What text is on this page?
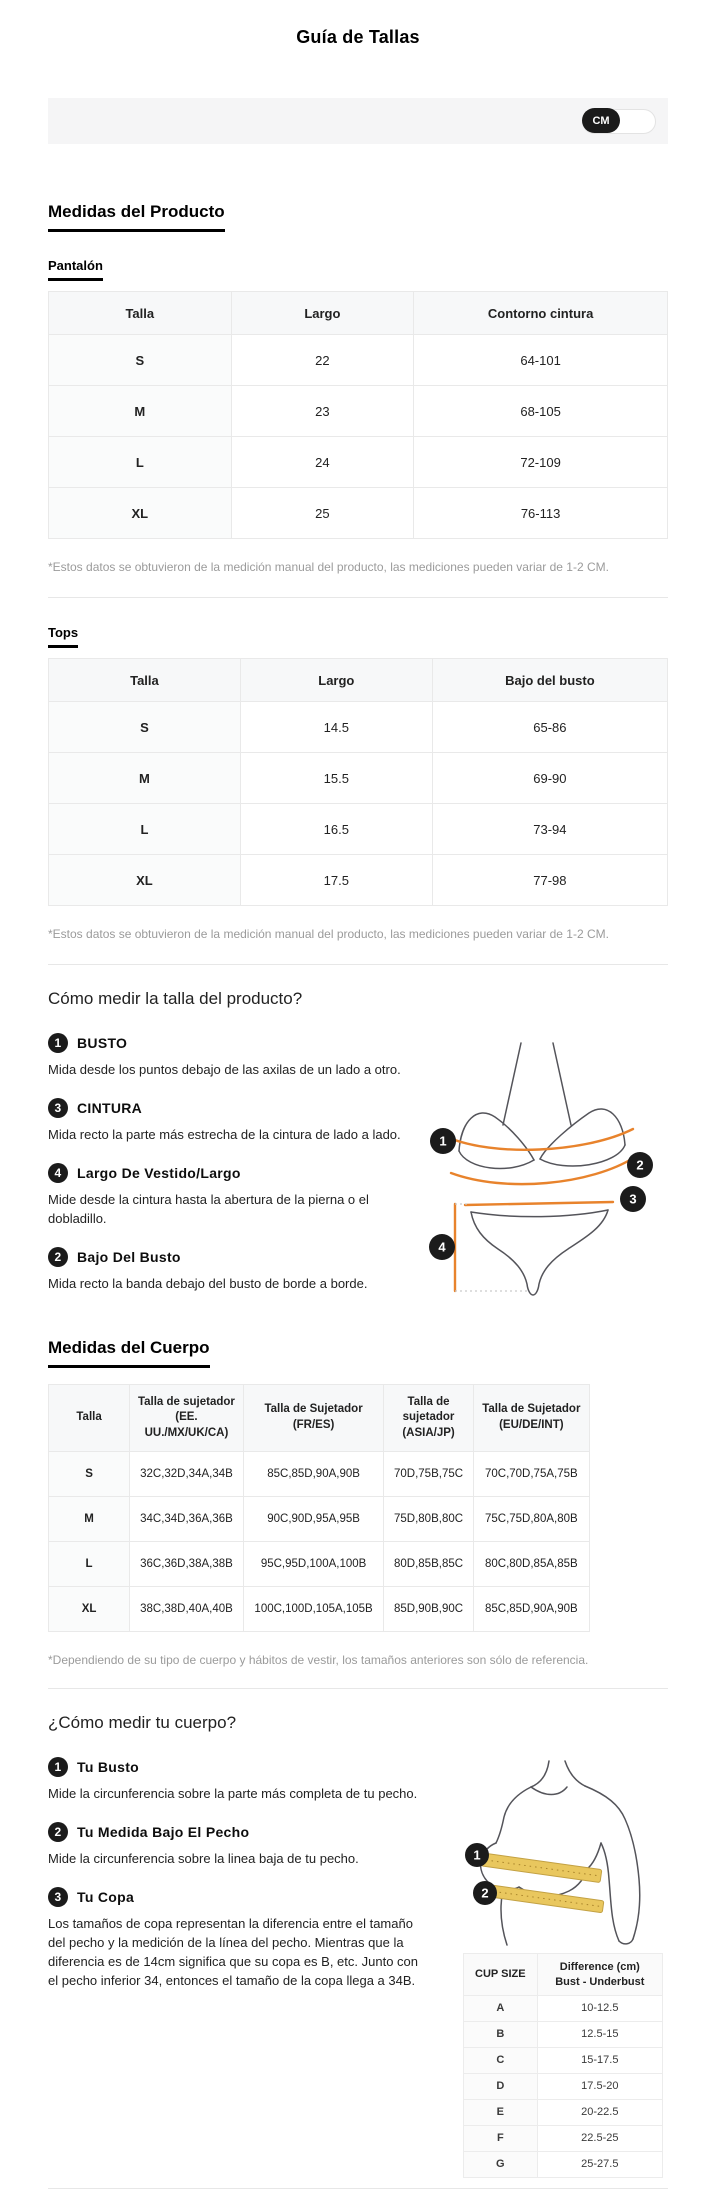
Guía de Tallas
CM
Medidas del Producto
Pantalón
Talla	Largo	Contorno cintura
S	22	64-101
M	23	68-105
L	24	72-109
XL	25	76-113
*Estos datos se obtuvieron de la medición manual del producto, las mediciones pueden variar de 1-2 CM.
Tops
Talla	Largo	Bajo del busto
S	14.5	65-86
M	15.5	69-90
L	16.5	73-94
XL	17.5	77-98
*Estos datos se obtuvieron de la medición manual del producto, las mediciones pueden variar de 1-2 CM.
Cómo medir la talla del producto?
1	BUSTO
Mida desde los puntos debajo de las axilas de un lado a otro.
3	CINTURA
Mida recto la parte más estrecha de la cintura de lado a lado.
4	Largo De Vestido/Largo
Mide desde la cintura hasta la abertura de la pierna o el dobladillo.
2	Bajo Del Busto
Mida recto la banda debajo del busto de borde a borde.
1
2
3
4
Medidas del Cuerpo
Talla	Talla de sujetador (EE. UU./MX/UK/CA)	Talla de Sujetador (FR/ES)	Talla de sujetador (ASIA/JP)	Talla de Sujetador (EU/DE/INT)
S	32C,32D,34A,34B	85C,85D,90A,90B	70D,75B,75C	70C,70D,75A,75B
M	34C,34D,36A,36B	90C,90D,95A,95B	75D,80B,80C	75C,75D,80A,80B
L	36C,36D,38A,38B	95C,95D,100A,100B	80D,85B,85C	80C,80D,85A,85B
XL	38C,38D,40A,40B	100C,100D,105A,105B	85D,90B,90C	85C,85D,90A,90B
*Dependiendo de su tipo de cuerpo y hábitos de vestir, los tamaños anteriores son sólo de referencia.
¿Cómo medir tu cuerpo?
1	Tu Busto
Mide la circunferencia sobre la parte más completa de tu pecho.
2	Tu Medida Bajo El Pecho
Mide la circunferencia sobre la linea baja de tu pecho.
3	Tu Copa
Los tamaños de copa representan la diferencia entre el tamaño del pecho y la medición de la línea del pecho. Mientras que la diferencia es de 14cm significa que su copa es B, etc. Junto con el pecho inferior 34, entonces el tamaño de la copa llega a 34B.
1
2
CUP SIZE	Difference (cm)
Bust - Underbust

A	10-12.5
B	12.5-15
C	15-17.5
D	17.5-20
E	20-22.5
F	22.5-25
G	25-27.5
